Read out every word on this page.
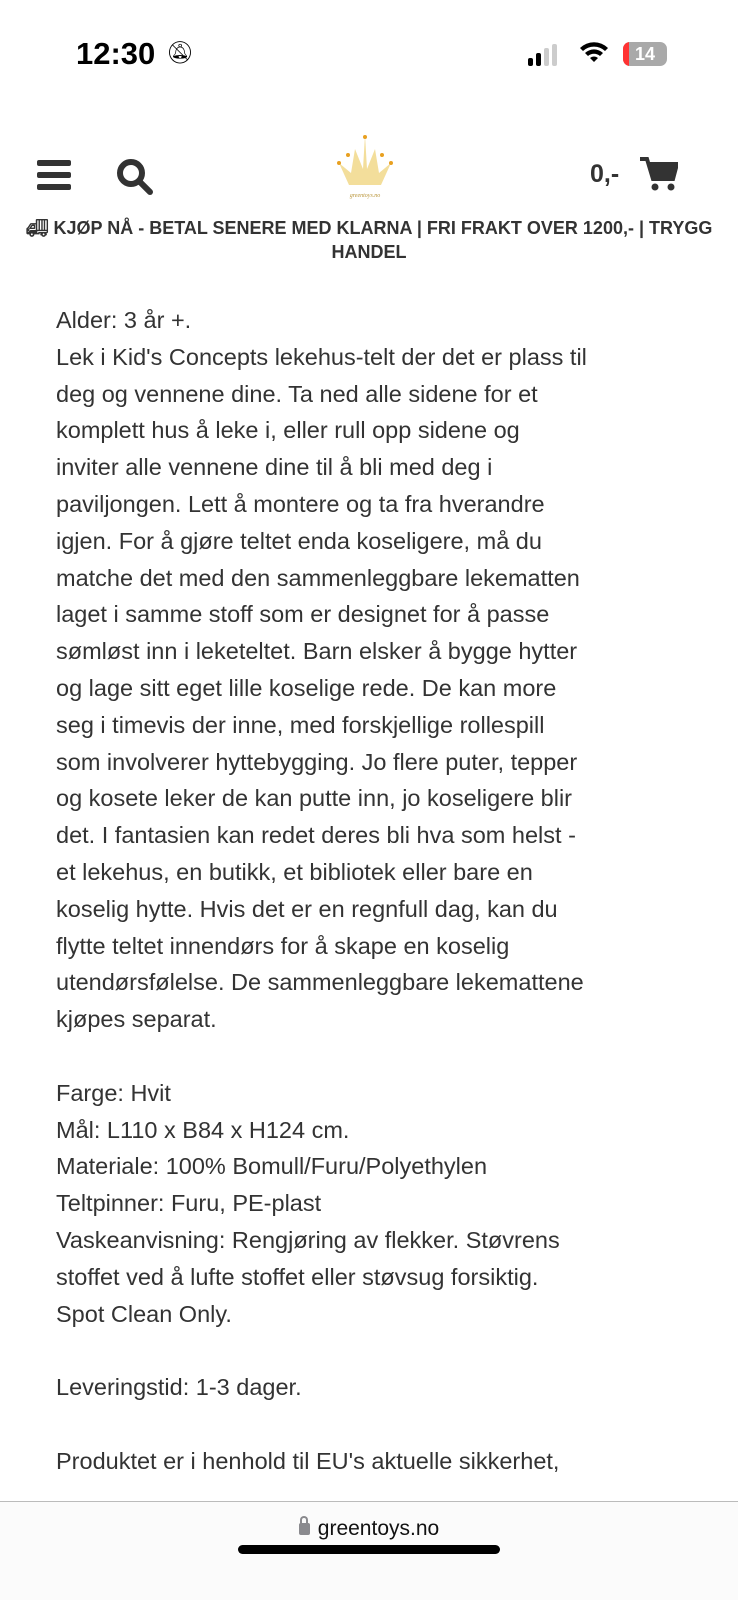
12:30 🔕︎	14
greentoys.no
0,-
🚚︎ KJØP NÅ - BETAL SENERE MED KLARNA | FRI FRAKT OVER 1200,- | TRYGG HANDEL
Alder: 3 år +.
Lek i Kid's Concepts lekehus-telt der det er plass til
deg og vennene dine. Ta ned alle sidene for et
komplett hus å leke i, eller rull opp sidene og
inviter alle vennene dine til å bli med deg i
paviljongen. Lett å montere og ta fra hverandre
igjen. For å gjøre teltet enda koseligere, må du
matche det med den sammenleggbare lekematten
laget i samme stoff som er designet for å passe
sømløst inn i leketeltet. Barn elsker å bygge hytter
og lage sitt eget lille koselige rede. De kan more
seg i timevis der inne, med forskjellige rollespill
som involverer hyttebygging. Jo flere puter, tepper
og kosete leker de kan putte inn, jo koseligere blir
det. I fantasien kan redet deres bli hva som helst -
et lekehus, en butikk, et bibliotek eller bare en
koselig hytte. Hvis det er en regnfull dag, kan du
flytte teltet innendørs for å skape en koselig
utendørsfølelse. De sammenleggbare lekemattene
kjøpes separat.
Farge: Hvit
Mål: L110 x B84 x H124 cm.
Materiale: 100% Bomull/Furu/Polyethylen
Teltpinner: Furu, PE-plast
Vaskeanvisning: Rengjøring av flekker. Støvrens
stoffet ved å lufte stoffet eller støvsug forsiktig.
Spot Clean Only.
Leveringstid: 1-3 dager.
Produktet er i henhold til EU's aktuelle sikkerhet,
greentoys.no
